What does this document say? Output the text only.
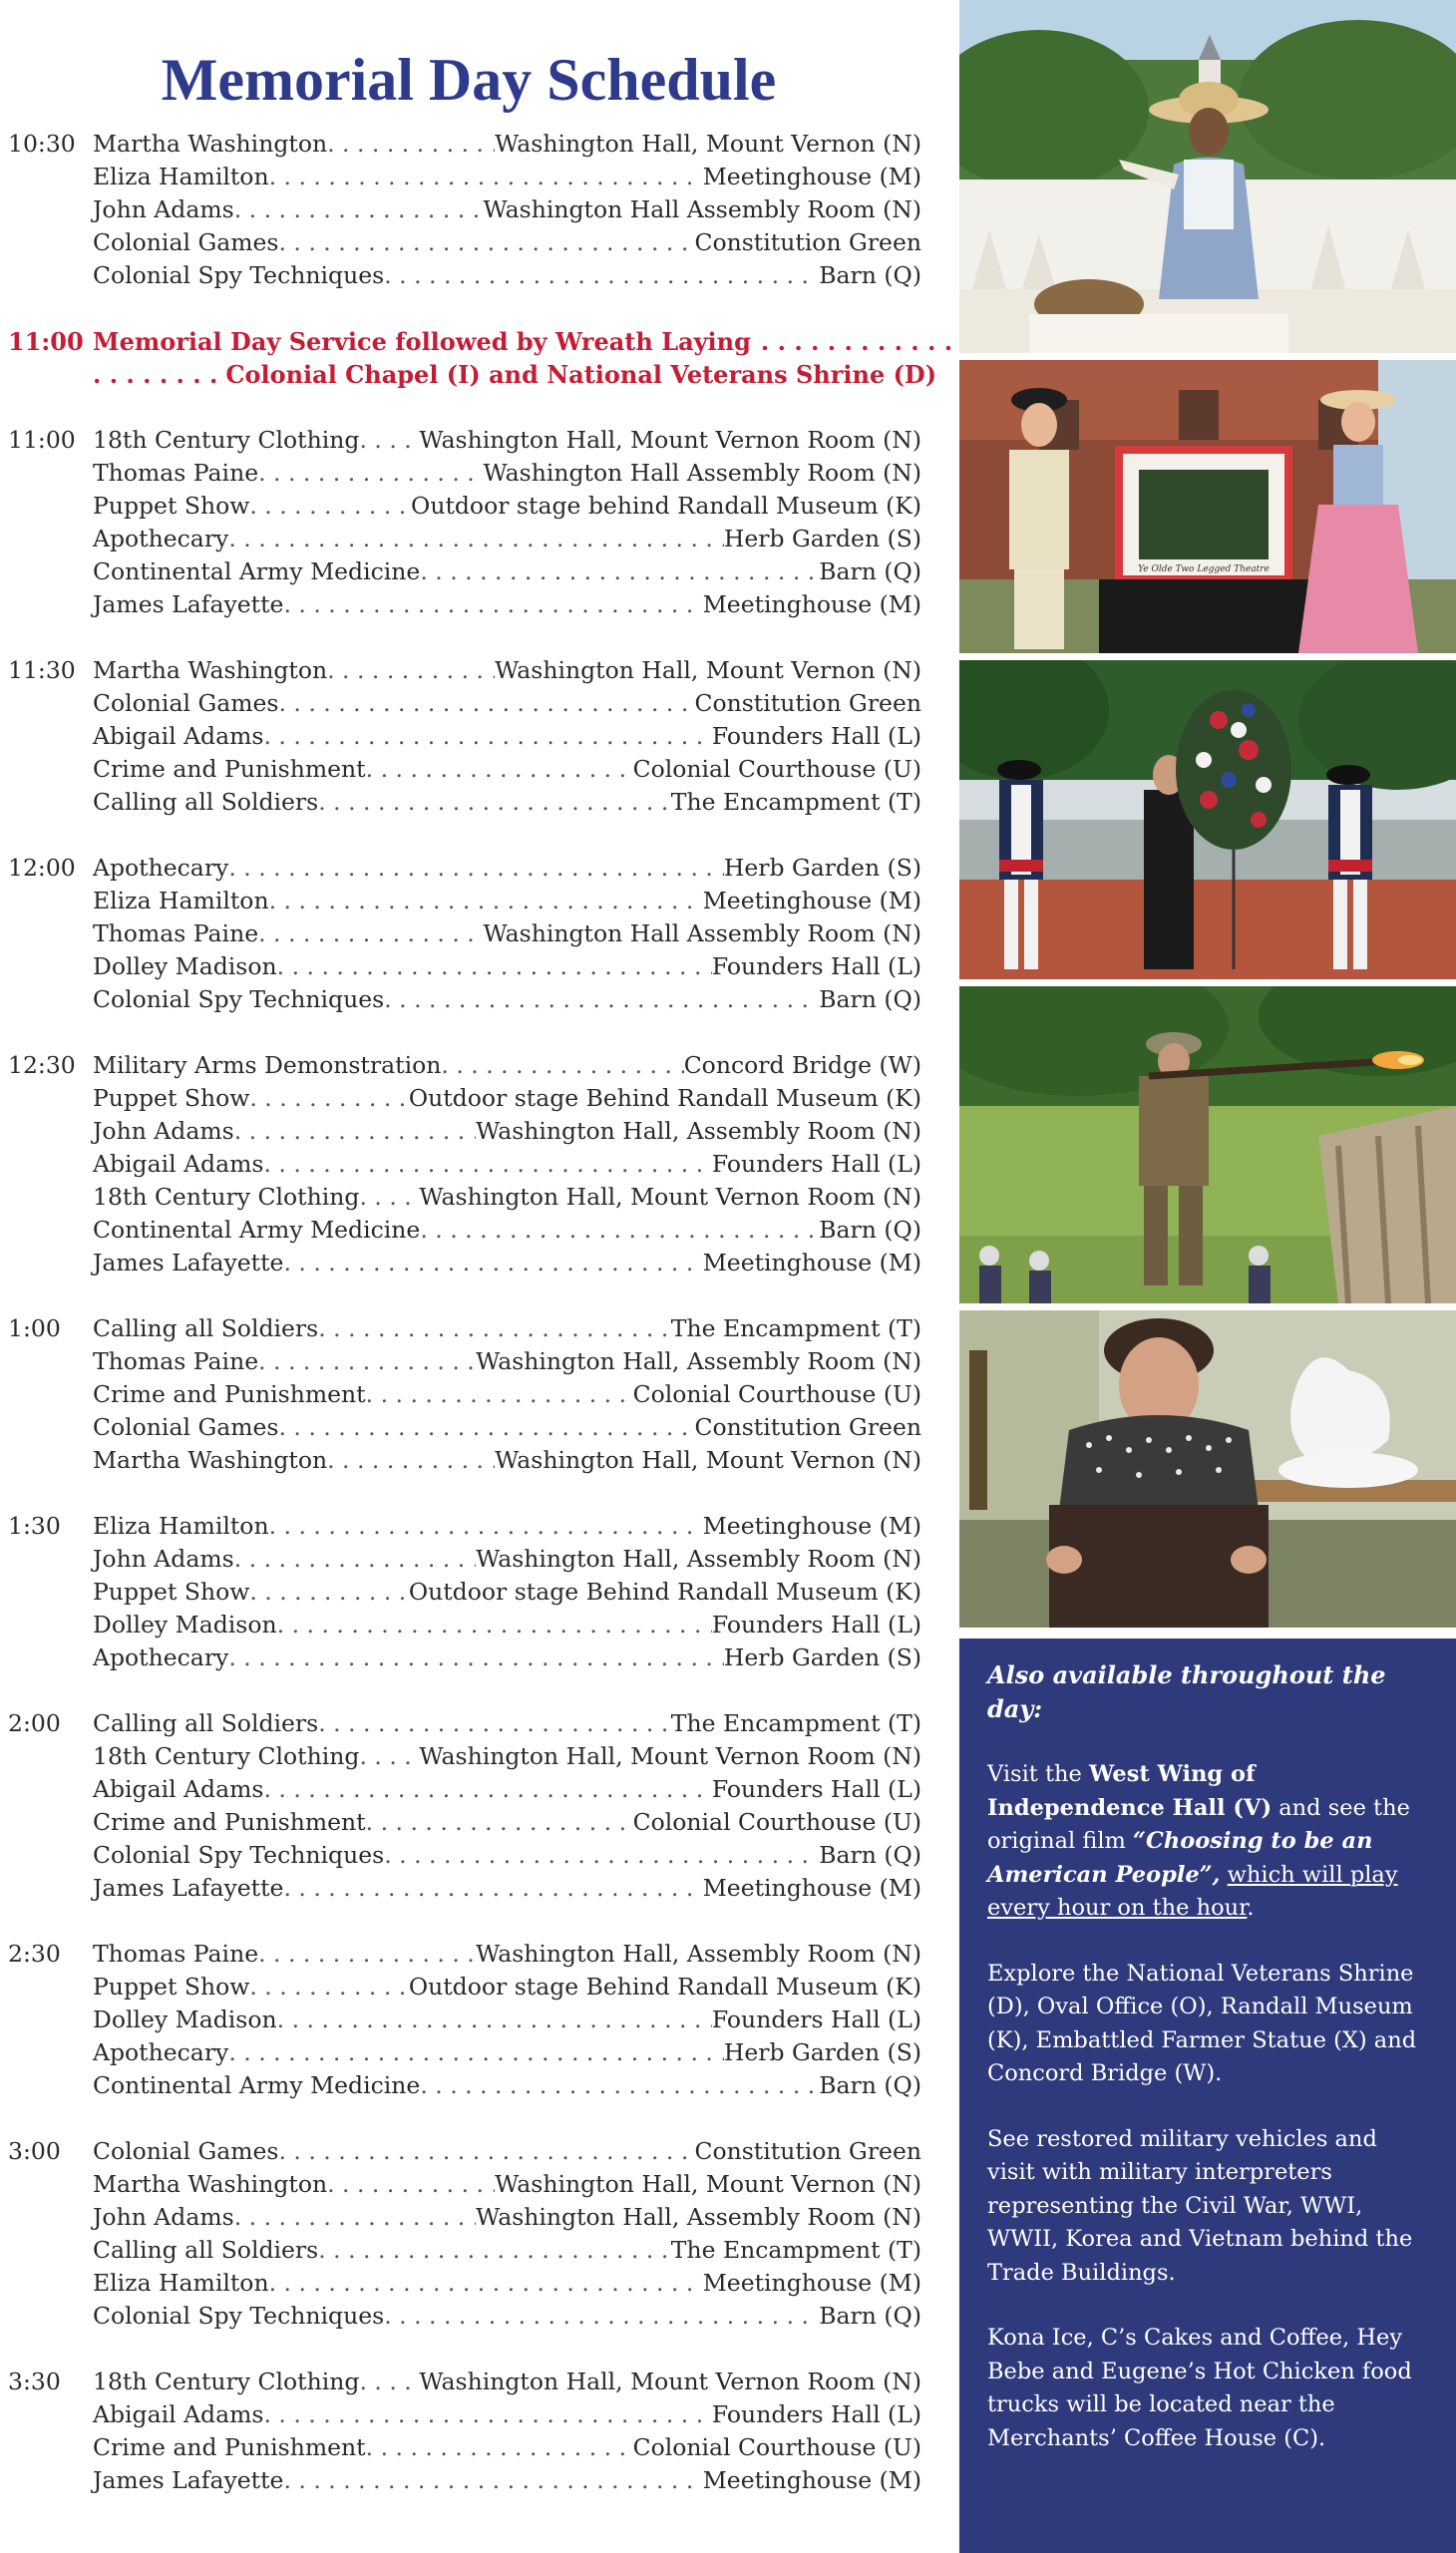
Memorial Day Schedule
10:30 Martha Washington . . .	Washington Hall, Mount Vernon (N)
Eliza Hamilton . . .	Meetinghouse (M)
John Adams . . .	Washington Hall Assembly Room (N)
Colonial Games . . .	Constitution Green
Colonial Spy Techniques . . .	Barn (Q)
11:00 Memorial Day Service followed by Wreath Laying
. . .
. . . . . . . . Colonial Chapel (I) and National Veterans Shrine (D)
11:00 18th Century Clothing . . .	Washington Hall, Mount Vernon Room (N)
Thomas Paine . . .	Washington Hall Assembly Room (N)
Puppet Show . . .	Outdoor stage behind Randall Museum (K)
Apothecary . . .	Herb Garden (S)
Continental Army Medicine . . .	Barn (Q)
James Lafayette . . .	Meetinghouse (M)
11:30 Martha Washington . . .	Washington Hall, Mount Vernon (N)
Colonial Games . . .	Constitution Green
Abigail Adams . . .	Founders Hall (L)
Crime and Punishment . . .	Colonial Courthouse (U)
Calling all Soldiers . . .	The Encampment (T)
12:00 Apothecary . . .	Herb Garden (S)
Eliza Hamilton . . .	Meetinghouse (M)
Thomas Paine . . .	Washington Hall Assembly Room (N)
Dolley Madison . . .	Founders Hall (L)
Colonial Spy Techniques . . .	Barn (Q)
12:30 Military Arms Demonstration . . .	Concord Bridge (W)
Puppet Show . . .	Outdoor stage Behind Randall Museum (K)
John Adams . . .	Washington Hall, Assembly Room (N)
Abigail Adams . . .	Founders Hall (L)
18th Century Clothing . . .	Washington Hall, Mount Vernon Room (N)
Continental Army Medicine . . .	Barn (Q)
James Lafayette . . .	Meetinghouse (M)
1:00	Calling all Soldiers . . .	The Encampment (T)
Thomas Paine . . .	Washington Hall, Assembly Room (N)
Crime and Punishment . . .	Colonial Courthouse (U)
Colonial Games . . .	Constitution Green
Martha Washington . . .	Washington Hall, Mount Vernon (N)
1:30	Eliza Hamilton . . .	Meetinghouse (M)
John Adams . . .	Washington Hall, Assembly Room (N)
Puppet Show . . .	Outdoor stage Behind Randall Museum (K)
Dolley Madison . . .	Founders Hall (L)
Apothecary . . .	Herb Garden (S)
2:00	Calling all Soldiers . . .	The Encampment (T)
18th Century Clothing . . .	Washington Hall, Mount Vernon Room (N)
Abigail Adams . . .	Founders Hall (L)
Crime and Punishment . . .	Colonial Courthouse (U)
Colonial Spy Techniques . . .	Barn (Q)
James Lafayette . . .	Meetinghouse (M)
2:30	Thomas Paine . . .	Washington Hall, Assembly Room (N)
Puppet Show . . .	Outdoor stage Behind Randall Museum (K)
Dolley Madison . . .	Founders Hall (L)
Apothecary . . .	Herb Garden (S)
Continental Army Medicine . . .	Barn (Q)
3:00	Colonial Games . . .	Constitution Green
Martha Washington . . .	Washington Hall, Mount Vernon (N)
John Adams . . .	Washington Hall, Assembly Room (N)
Calling all Soldiers . . .	The Encampment (T)
Eliza Hamilton . . .	Meetinghouse (M)
Colonial Spy Techniques . . .	Barn (Q)
3:30	18th Century Clothing . . .	Washington Hall, Mount Vernon Room (N)
Abigail Adams . . .	Founders Hall (L)
Crime and Punishment . . .	Colonial Courthouse (U)
James Lafayette . . .	Meetinghouse (M)
Ye Olde Two Legged Theatre

Also available throughout the day:

Visit the West Wing of Independence Hall (V) and see the original film “Choosing to be an American People”, which will play every hour on the hour.

Explore the National Veterans Shrine (D), Oval Office (O), Randall Museum (K), Embattled Farmer Statue (X) and Concord Bridge (W).

See restored military vehicles and visit with military interpreters representing the Civil War, WWI, WWII, Korea and Vietnam behind the Trade Buildings.

Kona Ice, C’s Cakes and Coffee, Hey Bebe and Eugene’s Hot Chicken food trucks will be located near the Merchants’ Coffee House (C).
